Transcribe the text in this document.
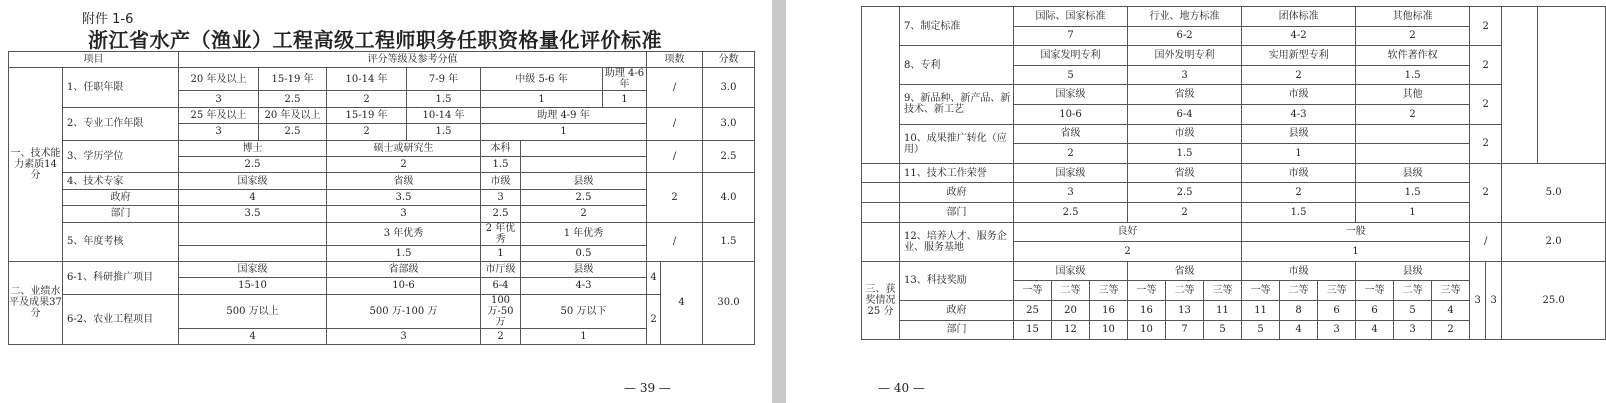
附件 1-6
浙江省水产（渔业）工程高级工程师职务任职资格量化评价标准
项目		评分等级及参考分值							项数		分数
一、技术能力素质14 分	1、任职年限	20 年及以上	15-19 年	10-14 年	7-9 年	中级 5-6 年		助理 4-6 年	/		3.0
		3	2.5	2	1.5	1		1			
	2、专业工作年限	25 年及以上	20 年及以上	15-19 年	10-14 年	助理 4-9 年			/		3.0
		3	2.5	2	1.5	1					
	3、学历学位	博士		硕士或研究生		本科			/		2.5
		2.5		2		1.5					
	4、技术专家	国家级		省级		市级	县级		2		4.0
	政府	4		3.5		3	2.5				
	部门	3.5		3		2.5	2				
	5、年度考核			3 年优秀		2 年优秀	1 年优秀		/		1.5
				1.5		1	0.5				
二、业绩水平及成果37 分	6-1、科研推广项目	国家级		省部级		市厅级	县级		4	4	30.0
		15-10		10-6		6-4	4-3				
	6-2、农业工程项目	500 万以上		500 万-100 万		100 万-50 万	50 万以下		2		
		4		3		2	1				
— 39 —
	7、制定标准	国际、国家标准			行业、地方标准			团体标准			其他标准			2			
		7			6-2			4-2			2						
	8、专利	国家发明专利			国外发明专利			实用新型专利			软件著作权			2			
		5			3			2			1.5						
	9、新品种、新产品、新技术、新工艺	国家级			省级			市级			其他			2			
		10-6			6-4			4-3			2						
	10、成果推广转化（应用）	省级			市级			县级						2			
		2			1.5			1									
	11、技术工作荣誉	国家级			省级			市级			县级			2		5.0	
	政府	3			2.5			2			1.5						
	部门	2.5			2			1.5			1						
	12、培养人才、服务企业、服务基地	良好						一般						/		2.0	
		2						1									
三、获奖情况 25 分	13、科技奖励	国家级			省级			市级			县级			3	3	25.0	
		一等	二等	三等	一等	二等	三等	一等	二等	三等	一等	二等	三等				
	政府	25	20	16	16	13	11	11	8	6	6	5	4				
	部门	15	12	10	10	7	5	5	4	3	4	3	2				
— 40 —
